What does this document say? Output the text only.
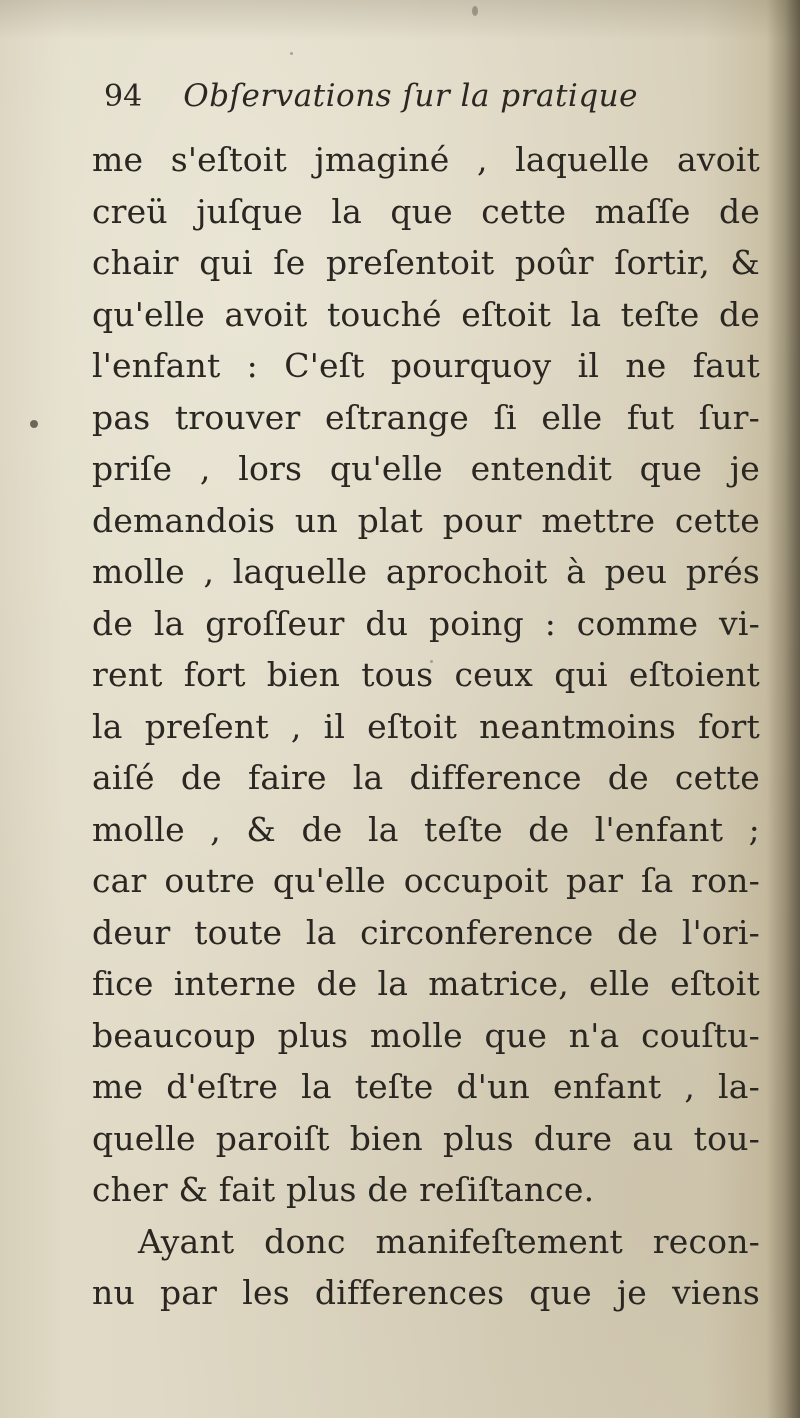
94 Obſervations ſur la pratique
me s'eſtoit jmaginé , laquelle avoit
creü juſque la que cette maſſe de
chair qui ſe preſentoit poûr ſortir, &
qu'elle avoit touché eſtoit la teſte de
l'enfant : C'eſt pourquoy il ne faut
pas trouver eſtrange ſi elle fut ſur-
priſe , lors qu'elle entendit que je
demandois un plat pour mettre cette
molle , laquelle aprochoit à peu prés
de la groſſeur du poing : comme vi-
rent fort bien tous ceux qui eſtoient
la preſent , il eſtoit neantmoins fort
aiſé de faire la difference de cette
molle , & de la teſte de l'enfant ;
car outre qu'elle occupoit par ſa ron-
deur toute la circonference de l'ori-
fice interne de la matrice, elle eſtoit
beaucoup plus molle que n'a couſtu-
me d'eſtre la teſte d'un enfant , la-
quelle paroiſt bien plus dure au tou-
cher & fait plus de reſiſtance.
Ayant donc manifeſtement recon-
nu par les differences que je viens
